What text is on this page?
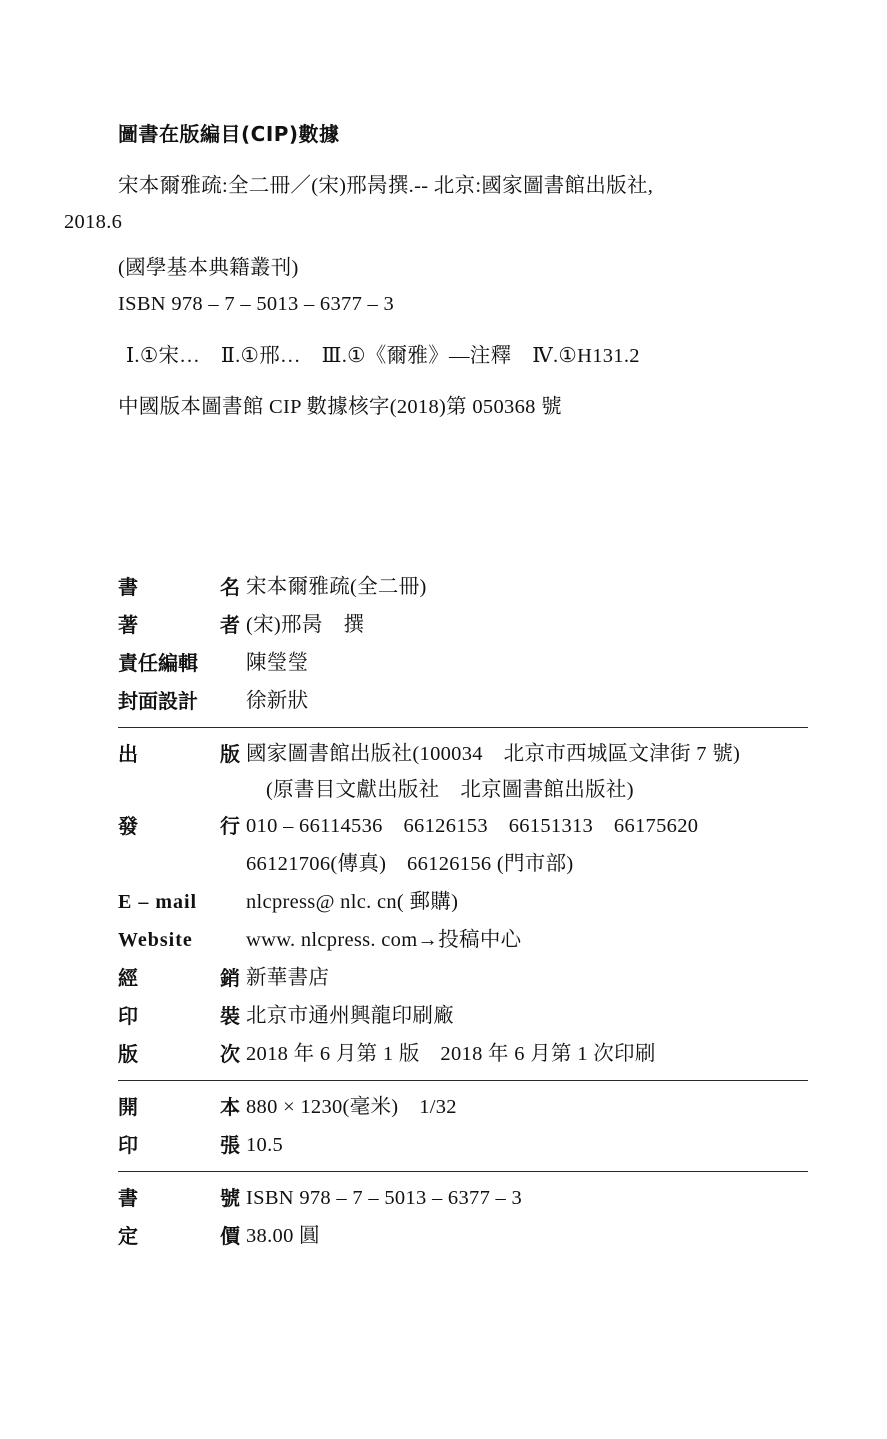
圖書在版編目(CIP)數據
宋本爾雅疏:全二冊／(宋)邢昺撰.-- 北京:國家圖書館出版社,
2018.6
(國學基本典籍叢刊)
ISBN 978 – 7 – 5013 – 6377 – 3
Ⅰ.①宋…　Ⅱ.①邢…　Ⅲ.①《爾雅》—注釋　Ⅳ.①H131.2
中國版本圖書館 CIP 數據核字(2018)第 050368 號
書	名 宋本爾雅疏(全二冊)
著	者 (宋)邢昺　撰
責任編輯	陳瑩瑩
封面設計	徐新狀
出	版 國家圖書館出版社(100034　北京市西城區文津街 7 號)
(原書目文獻出版社　北京圖書館出版社)
發	行 010 – 66114536　66126153　66151313　66175620
66121706(傳真)　66126156 (門市部)
E – mail	nlcpress@ nlc. cn( 郵購)
Website	www. nlcpress. com→投稿中心
經	銷 新華書店
印	裝 北京市通州興龍印刷廠
版	次 2018 年 6 月第 1 版　2018 年 6 月第 1 次印刷
開	本 880 × 1230(毫米)　1/32
印	張 10.5
書	號 ISBN 978 – 7 – 5013 – 6377 – 3
定	價 38.00 圓
